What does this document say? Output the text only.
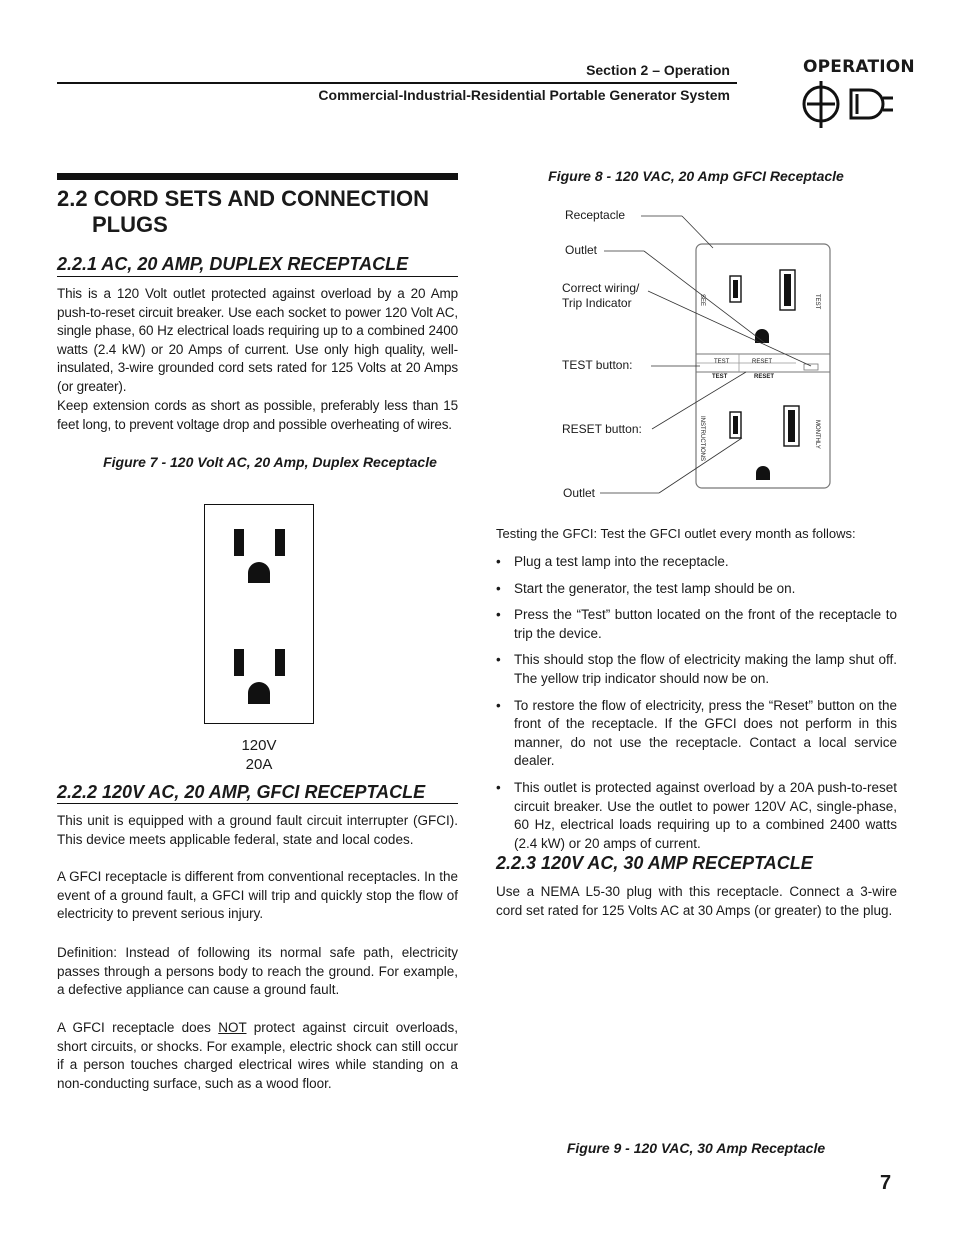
Section 2 – Operation
Commercial-Industrial-Residential Portable Generator System
OPERATION
2.2 CORD SETS AND CONNECTION
PLUGS
2.2.1 AC, 20 AMP, DUPLEX RECEPTACLE
This is a 120 Volt outlet protected against overload by a 20 Amp push-to-reset circuit breaker. Use each socket to power 120 Volt AC, single phase, 60 Hz electrical loads requiring up to a combined 2400 watts (2.4 kW) or 20 Amps of current. Use only high quality, well-insulated, 3-wire grounded cord sets rated for 125 Volts at 20 Amps (or greater).
Keep extension cords as short as possible, preferably less than 15 feet long, to prevent voltage drop and possible overheating of wires.
Figure 7 - 120 Volt AC, 20 Amp, Duplex Receptacle
120V
20A
2.2.2 120V AC, 20 AMP, GFCI RECEPTACLE
This unit is equipped with a ground fault circuit interrupter (GFCI). This device meets applicable federal, state and local codes.
A GFCI receptacle is different from conventional receptacles. In the event of a ground fault, a GFCI will trip and quickly stop the flow of electricity to prevent serious injury.
Definition: Instead of following its normal safe path, electricity passes through a persons body to reach the ground. For example, a defective appliance can cause a ground fault.
A GFCI receptacle does NOT protect against circuit overloads, short circuits, or shocks. For example, electric shock can still occur if a person touches charged electrical wires while standing on a non-conducting surface, such as a wood floor.
Figure 8 - 120 VAC, 20 Amp GFCI Receptacle
TEST	RESET
TEST	RESET
SEE	TEST
INSTRUCTIONS	MONTHLY
Receptacle
Outlet
Correct wiring/
Trip Indicator
TEST button:
RESET button:
Outlet
Testing the GFCI: Test the GFCI outlet every month as follows:
• Plug a test lamp into the receptacle.
• Start the generator, the test lamp should be on.
• Press the “Test” button located on the front of the receptacle to trip the device.
• This should stop the flow of electricity making the lamp shut off. The yellow trip indicator should now be on.
• To restore the flow of electricity, press the “Reset” button on the front of the receptacle. If the GFCI does not perform in this manner, do not use the receptacle. Contact a local service dealer.
• This outlet is protected against overload by a 20A push-to-reset circuit breaker. Use the outlet to power 120V AC, single-phase, 60 Hz, electrical loads requiring up to a combined 2400 watts (2.4 kW) or 20 amps of current.
2.2.3 120V AC, 30 AMP RECEPTACLE
Use a NEMA L5-30 plug with this receptacle. Connect a 3-wire cord set rated for 125 Volts AC at 30 Amps (or greater) to the plug.
Figure 9 - 120 VAC, 30 Amp Receptacle
7
